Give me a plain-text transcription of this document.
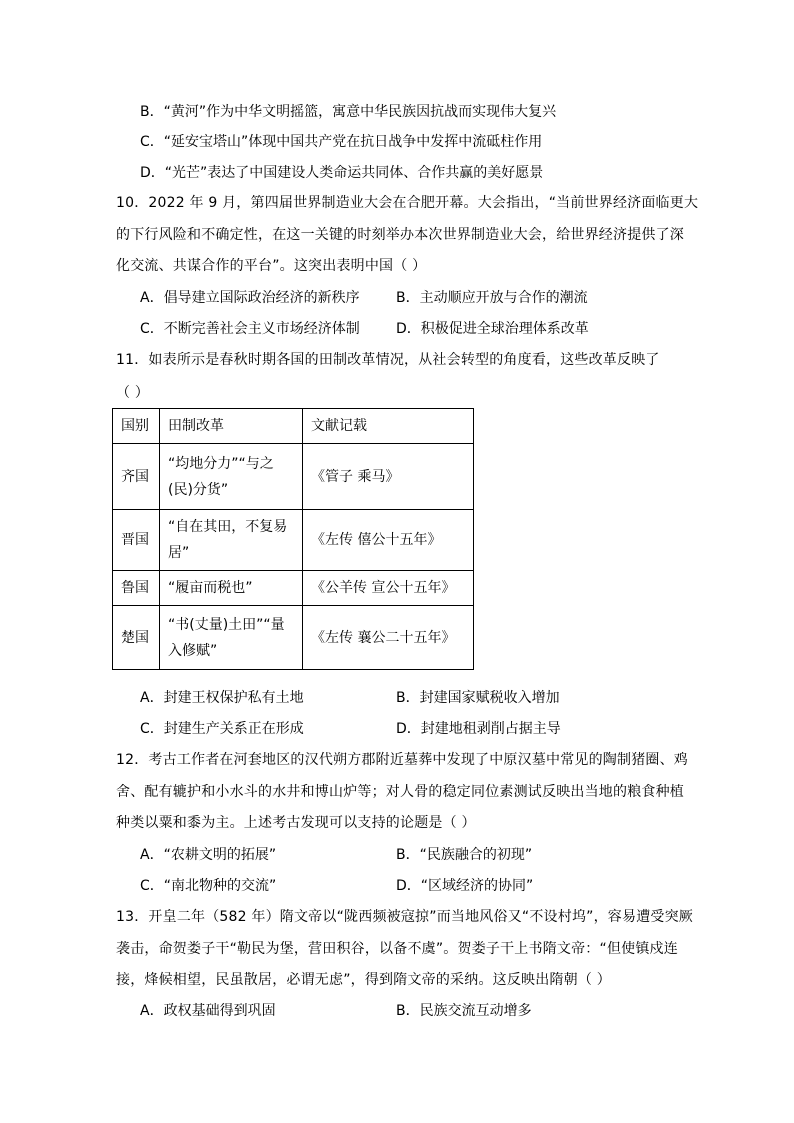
B．“黄河”作为中华文明摇篮，寓意中华民族因抗战而实现伟大复兴
C．“延安宝塔山”体现中国共产党在抗日战争中发挥中流砥柱作用
D．“光芒”表达了中国建设人类命运共同体、合作共赢的美好愿景
10．2022 年 9 月，第四届世界制造业大会在合肥开幕。大会指出，“当前世界经济面临更大
的下行风险和不确定性，在这一关键的时刻举办本次世界制造业大会，给世界经济提供了深
化交流、共谋合作的平台”。这突出表明中国（ ）
A．倡导建立国际政治经济的新秩序	B．主动顺应开放与合作的潮流
C．不断完善社会主义市场经济体制	D．积极促进全球治理体系改革
11．如表所示是春秋时期各国的田制改革情况，从社会转型的角度看，这些改革反映了
（ ）
国别	田制改革	文献记载
齐国	“均地分力”“与之(民)分货”	《管子 乘马》
晋国	“自在其田，不复易居”	《左传 僖公十五年》
鲁国	“履亩而税也”	《公羊传 宣公十五年》
楚国	“书(丈量)土田”“量入修赋”	《左传 襄公二十五年》
A．封建王权保护私有土地	B．封建国家赋税收入增加
C．封建生产关系正在形成	D．封建地租剥削占据主导
12．考古工作者在河套地区的汉代朔方郡附近墓葬中发现了中原汉墓中常见的陶制猪圈、鸡
舍、配有辘护和小水斗的水井和博山炉等；对人骨的稳定同位素测试反映出当地的粮食种植
种类以粟和黍为主。上述考古发现可以支持的论题是（ ）
A．“农耕文明的拓展”	B．“民族融合的初现”
C．“南北物种的交流”	D．“区域经济的协同”
13．开皇二年（582 年）隋文帝以“陇西频被寇掠”而当地风俗又“不设村坞”，容易遭受突厥
袭击，命贺娄子干“勒民为堡，营田积谷，以备不虞”。贺娄子干上书隋文帝：“但使镇戍连
接，烽候相望，民虽散居，必谓无虑”，得到隋文帝的采纳。这反映出隋朝（ ）
A．政权基础得到巩固	B．民族交流互动增多
